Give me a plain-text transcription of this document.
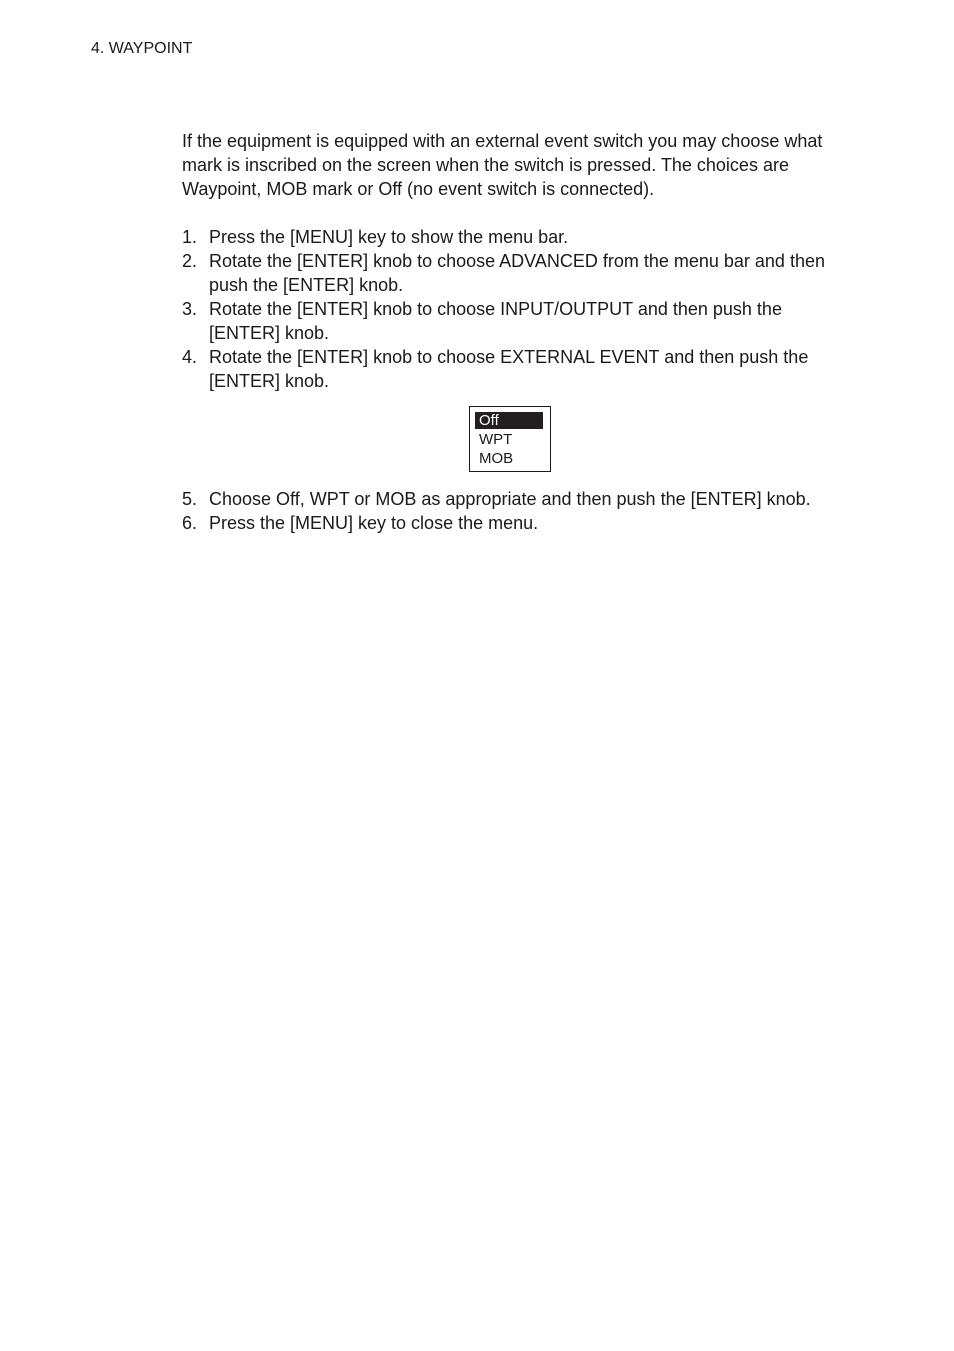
4. WAYPOINT

If the equipment is equipped with an external event switch you may choose what mark is inscribed on the screen when the switch is pressed. The choices are Waypoint, MOB mark or Off (no event switch is connected).

1. Press the [MENU] key to show the menu bar.
2. Rotate the [ENTER] knob to choose ADVANCED from the menu bar and then push the [ENTER] knob.
3. Rotate the [ENTER] knob to choose INPUT/OUTPUT and then push the [ENTER] knob.
4. Rotate the [ENTER] knob to choose EXTERNAL EVENT and then push the [ENTER] knob.
Off
WPT
MOB
5. Choose Off, WPT or MOB as appropriate and then push the [ENTER] knob.
6. Press the [MENU] key to close the menu.
